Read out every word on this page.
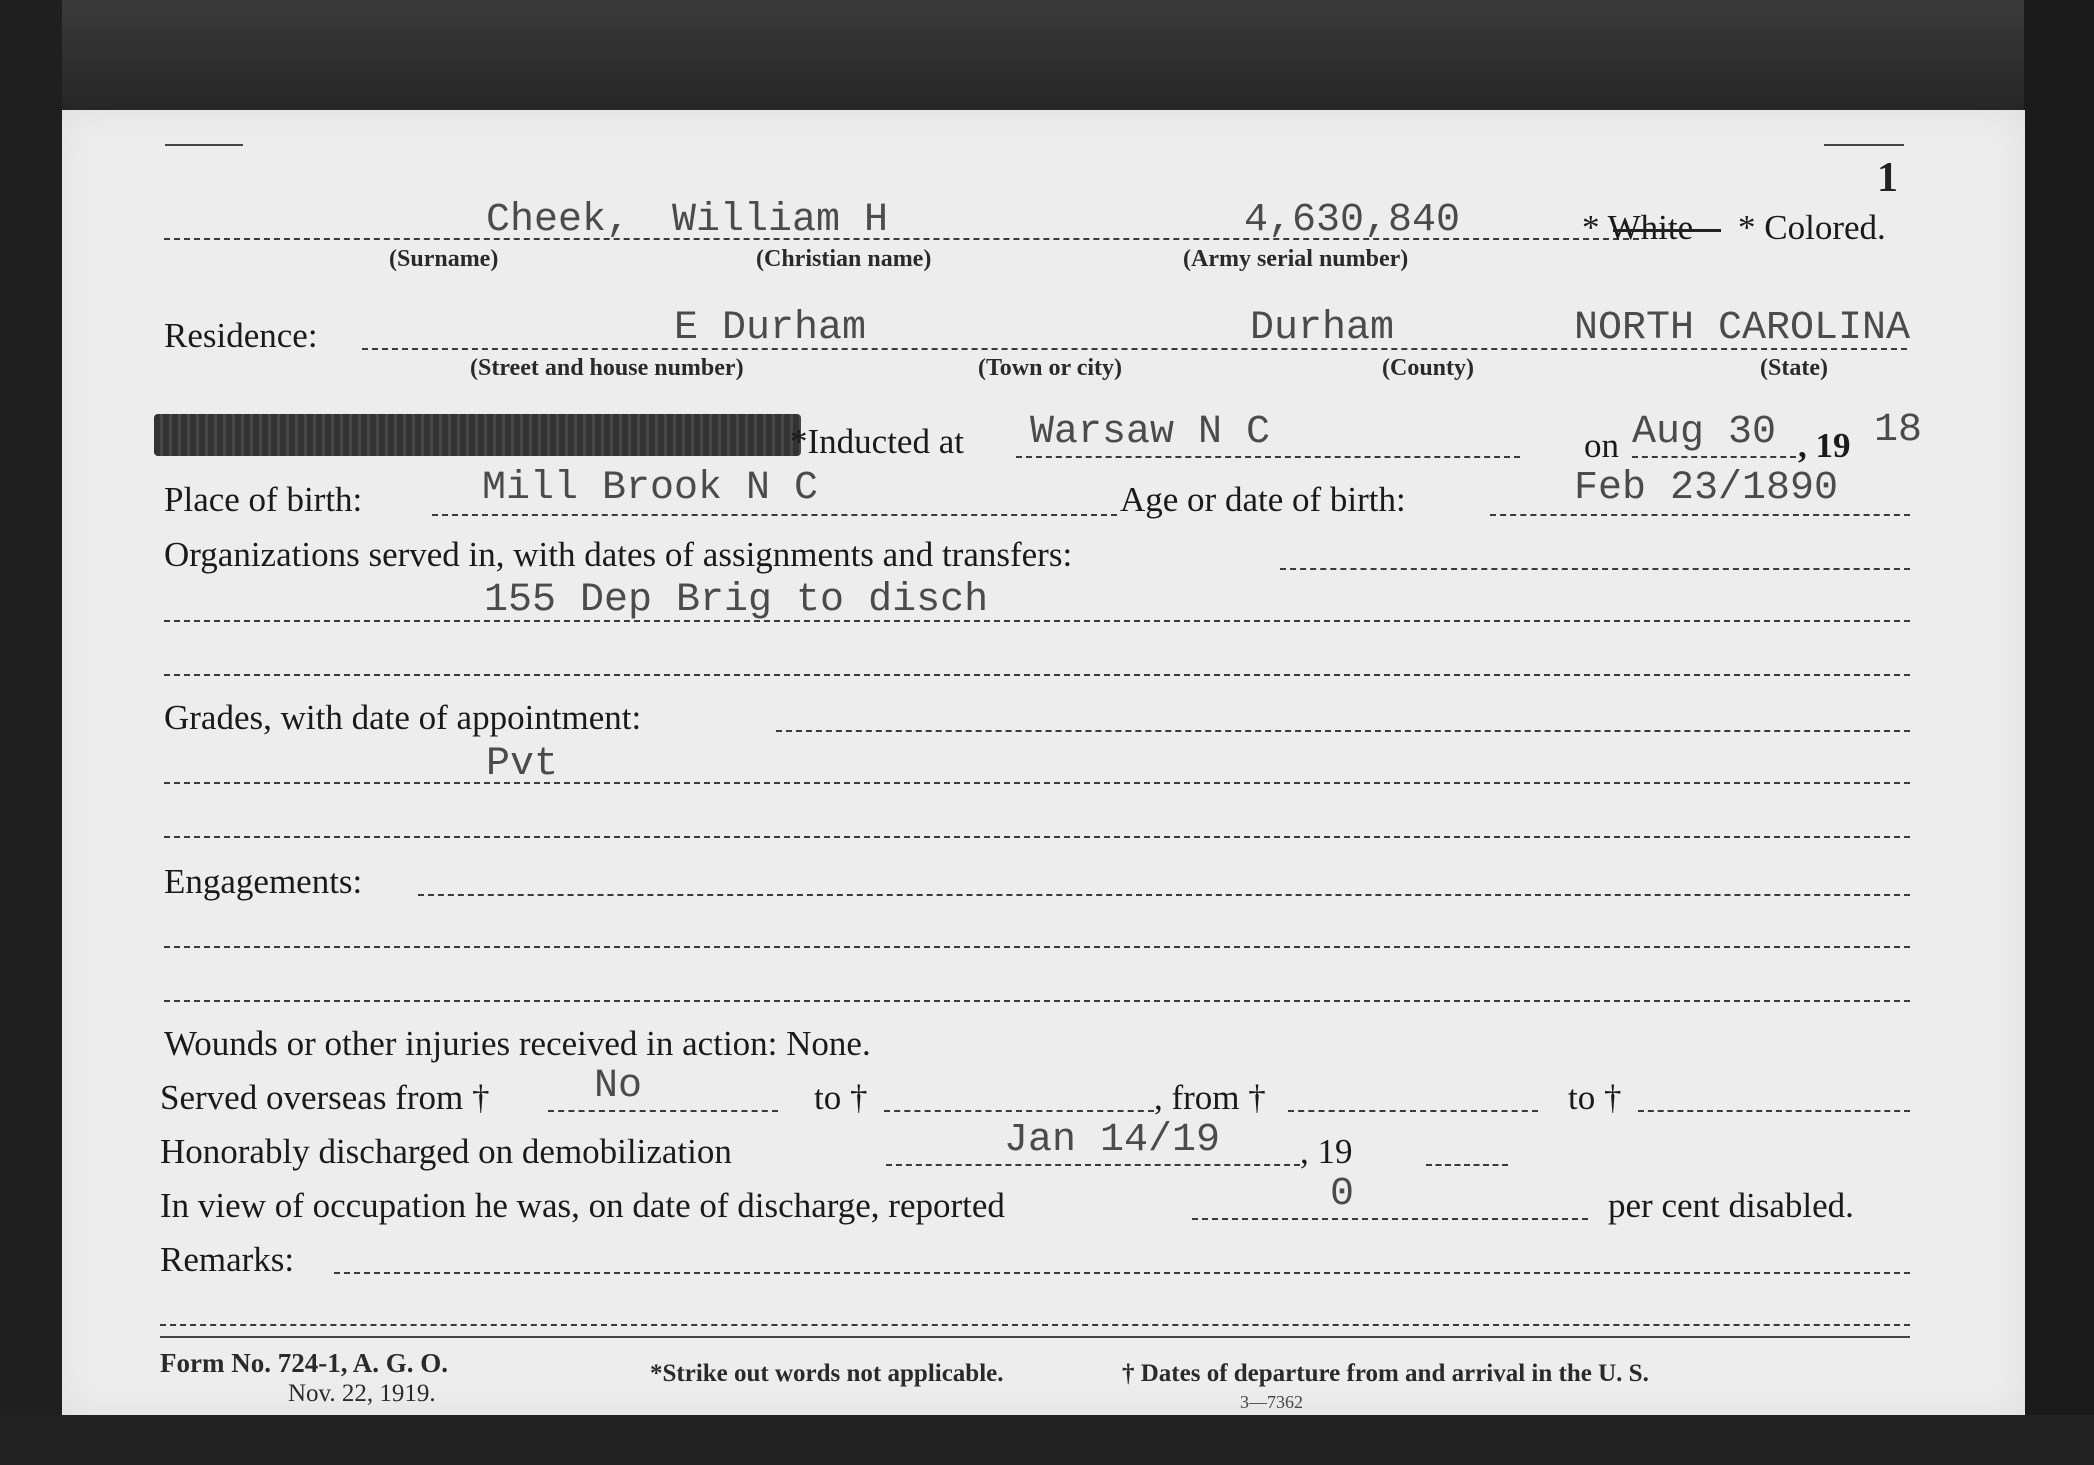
1
Cheek, William H	4,630,840	* White * Colored.
(Surname)	(Christian name)	(Army serial number)
Residence:	E Durham	Durham	NORTH CAROLINA
(Street and house number)	(Town or city)	(County)	(State)
*Inducted at Warsaw N C	on Aug 30 , 19 18
Place of birth:	Mill Brook N C	Age or date of birth:	Feb 23/1890
Organizations served in, with dates of assignments and transfers:
155 Dep Brig to disch
Grades, with date of appointment:
Pvt
Engagements:
Wounds or other injuries received in action: None.
Served overseas from †	No	to †	, from †	to †
Honorably discharged on demobilization	Jan 14/19 , 19
In view of occupation he was, on date of discharge, reported	0	per cent disabled.
Remarks:
Form No. 724-1, A. G. O.
Nov. 22, 1919.
*Strike out words not applicable.	† Dates of departure from and arrival in the U. S.
3—7362
